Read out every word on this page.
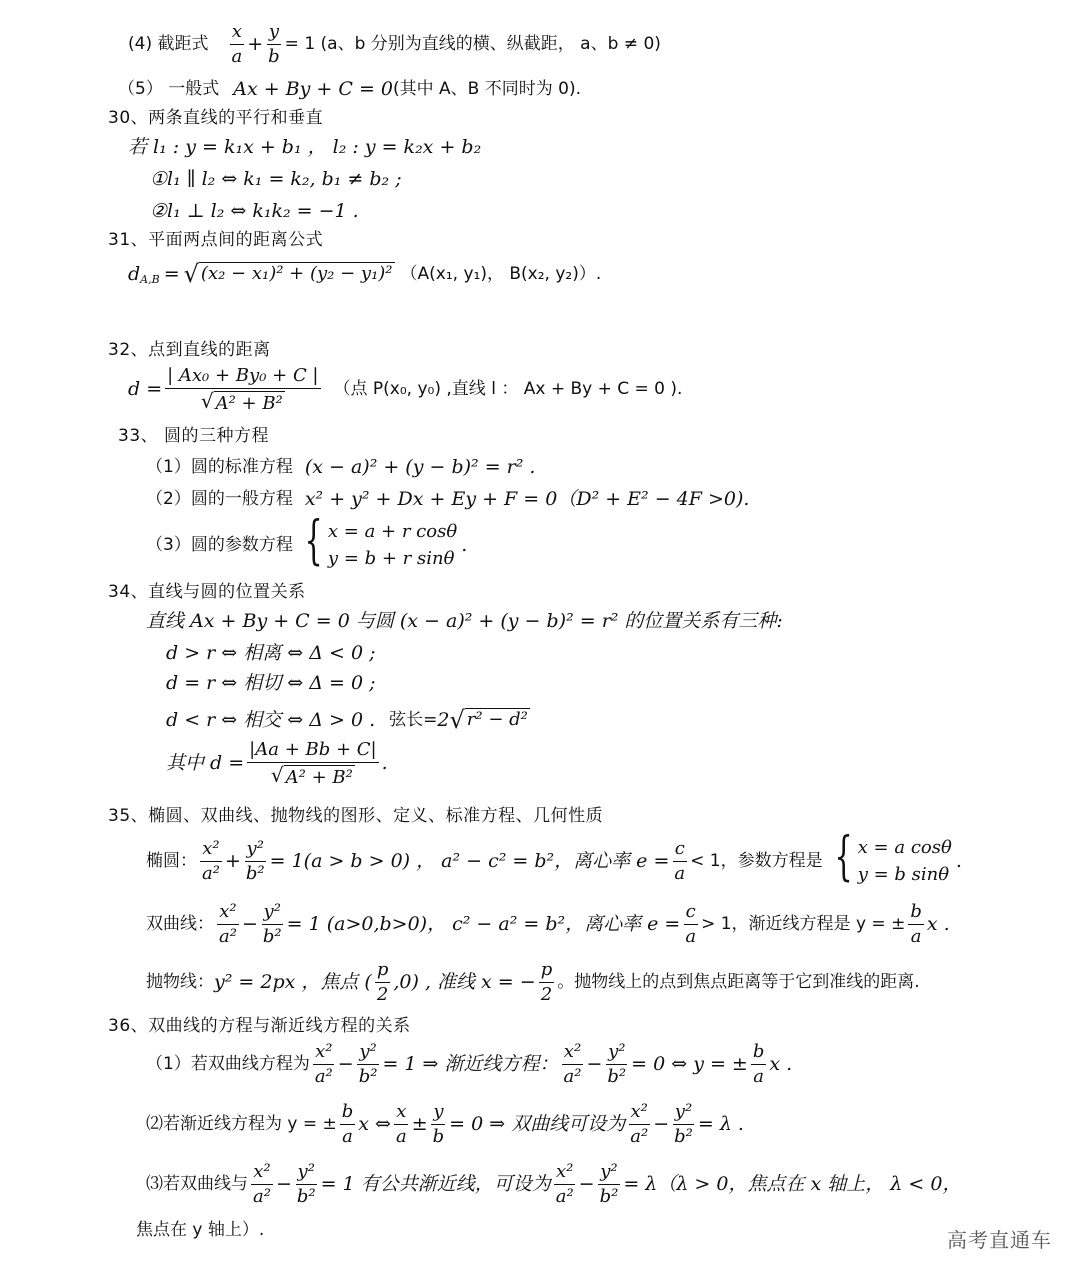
(4) 截距式 $\frac{x}{a} + \frac{y}{b} = 1$ (a、b 分别为直线的横、纵截距， a、b ≠ 0)
（5） 一般式 Ax + By + C = 0 (其中 A、B 不同时为 0).
30、两条直线的平行和垂直
若 l₁ : y = k₁x + b₁ ， l₂ : y = k₂x + b₂
①l₁ ∥ l₂ ⇔ k₁ = k₂, b₁ ≠ b₂ ;
②l₁ ⊥ l₂ ⇔ k₁k₂ = −1 .
31、平面两点间的距离公式
$d_{A,B}$ = √ (x₂ − x₁)² + (y₂ − y₁)² （A(x₁, y₁)， B(x₂, y₂)）.
32、点到直线的距离
$d = \frac{\text{| Ax₀ + By₀ + C |}}{\text{√ A² + B²}}$ （点 P(x₀, y₀) ,直线 l ： Ax + By + C = 0 ).
33、 圆的三种方程
（1）圆的标准方程 (x − a)² + (y − b)² = r² .
（2）圆的一般方程 x² + y² + Dx + Ey + F = 0（D² + E² − 4F >0).
（3）圆的参数方程 { x = a + r cosθ
y = b + r sinθ
.
34、直线与圆的位置关系
直线 Ax + By + C = 0 与圆 (x − a)² + (y − b)² = r² 的位置关系有三种:
d > r ⇔ 相离 ⇔ Δ < 0 ;
d = r ⇔ 相切 ⇔ Δ = 0 ;
d < r ⇔ 相交 ⇔ Δ > 0 . 弦长= 2 √ r² − d²
其中 $d = \frac{|Aa + Bb + C|}{\text{√ A² + B²}}$ .
35、椭圆、双曲线、抛物线的图形、定义、标准方程、几何性质
椭圆： $\frac{\text{x²}}{\text{a²}} + \frac{\text{y²}}{\text{b²}} = 1(a > b > 0)$ ， a² − c² = b²，离心率 $e = \frac{c}{a} < 1$，参数方程是 { x = a cosθ
y = b sinθ
.
双曲线： $\frac{\text{x²}}{\text{a²}} - \frac{\text{y²}}{\text{b²}} = 1$ (a>0,b>0)， c² − a² = b²，离心率 $e = \frac{c}{a} > 1$，渐近线方程是 y = ± $\frac{b}{a}$ x .
抛物线： y² = 2px ，焦点 ( $\frac{p}{2} ,0$) , 准线 x = − $\frac{p}{2}$ 。抛物线上的点到焦点距离等于它到准线的距离.
36、双曲线的方程与渐近线方程的关系
（1）若双曲线方程为 $\frac{\text{x²}}{\text{a²}} - \frac{\text{y²}}{\text{b²}} = 1$ ⇒ 渐近线方程： $\frac{\text{x²}}{\text{a²}} - \frac{\text{y²}}{\text{b²}} = 0$ ⇔ y = ± $\frac{b}{a}$ x .
⑵若渐近线方程为 y = ± $\frac{b}{a}$ x ⇔ $\frac{x}{a} \pm \frac{y}{b} = 0$ ⇒ 双曲线可设为 $\frac{\text{x²}}{\text{a²}} - \frac{\text{y²}}{\text{b²}} = \lambda$ .
⑶若双曲线与 $\frac{\text{x²}}{\text{a²}} - \frac{\text{y²}}{\text{b²}} = 1$ 有公共渐近线，可设为 $\frac{\text{x²}}{\text{a²}} - \frac{\text{y²}}{\text{b²}} = \lambda(\lambda > 0$，焦点在 x 轴上， λ < 0，
焦点在 y 轴上）.	高考直通车
